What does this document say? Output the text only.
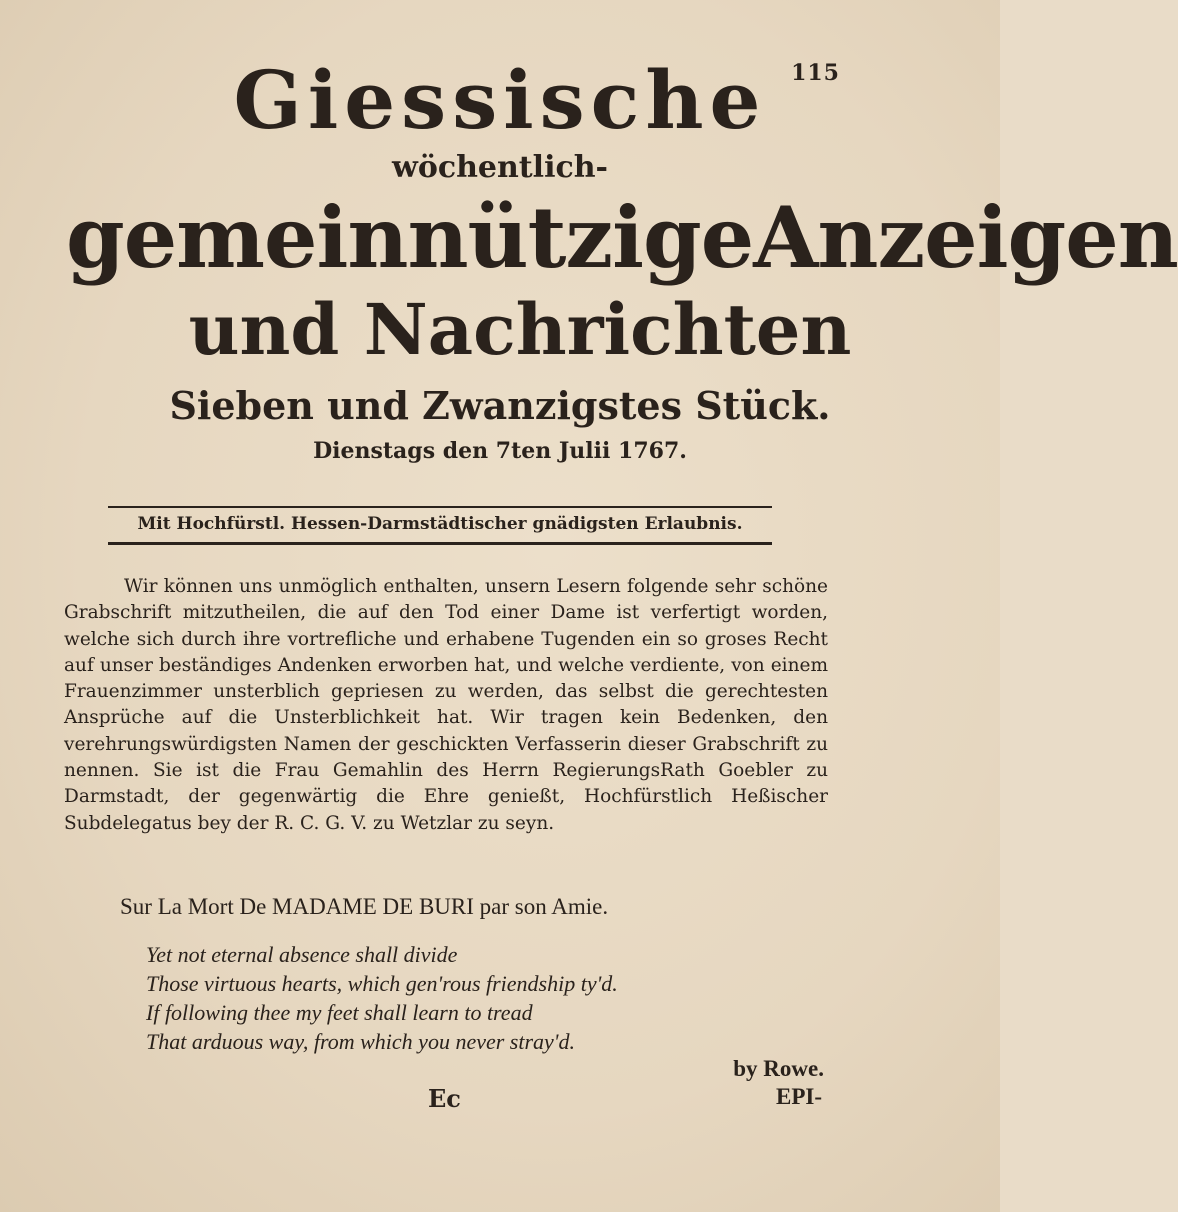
115
Giessische
wöchentlich-
gemeinnützige Anzeigen
und Nachrichten
Sieben und Zwanzigstes Stück.
Dienstags den 7ten Julii 1767.
Mit Hochfürstl. Hessen-Darmstädtischer gnädigsten Erlaubnis.
Wir können uns unmöglich enthalten, unsern Lesern folgende sehr schöne Grabschrift mitzutheilen, die auf den Tod einer Dame ist verfertigt worden, welche sich durch ihre vortrefliche und erhabene Tugenden ein so groses Recht auf unser beständiges Andenken erworben hat, und welche verdiente, von einem Frauenzimmer unsterblich gepriesen zu werden, das selbst die gerechtesten Ansprüche auf die Unsterblichkeit hat. Wir tragen kein Bedenken, den verehrungswürdigsten Namen der geschickten Verfasserin dieser Grabschrift zu nennen. Sie ist die Frau Gemahlin des Herrn RegierungsRath Goebler zu Darmstadt, der gegenwärtig die Ehre genießt, Hochfürstlich Heßischer Subdelegatus bey der R. C. G. V. zu Wetzlar zu seyn.
Sur La Mort De MADAME DE BURI par son Amie.
Yet not eternal absence shall divide
Those virtuous hearts, which gen'rous friendship ty'd.
If following thee my feet shall learn to tread
That arduous way, from which you never stray'd.
by Rowe.
Ec	EPI-
